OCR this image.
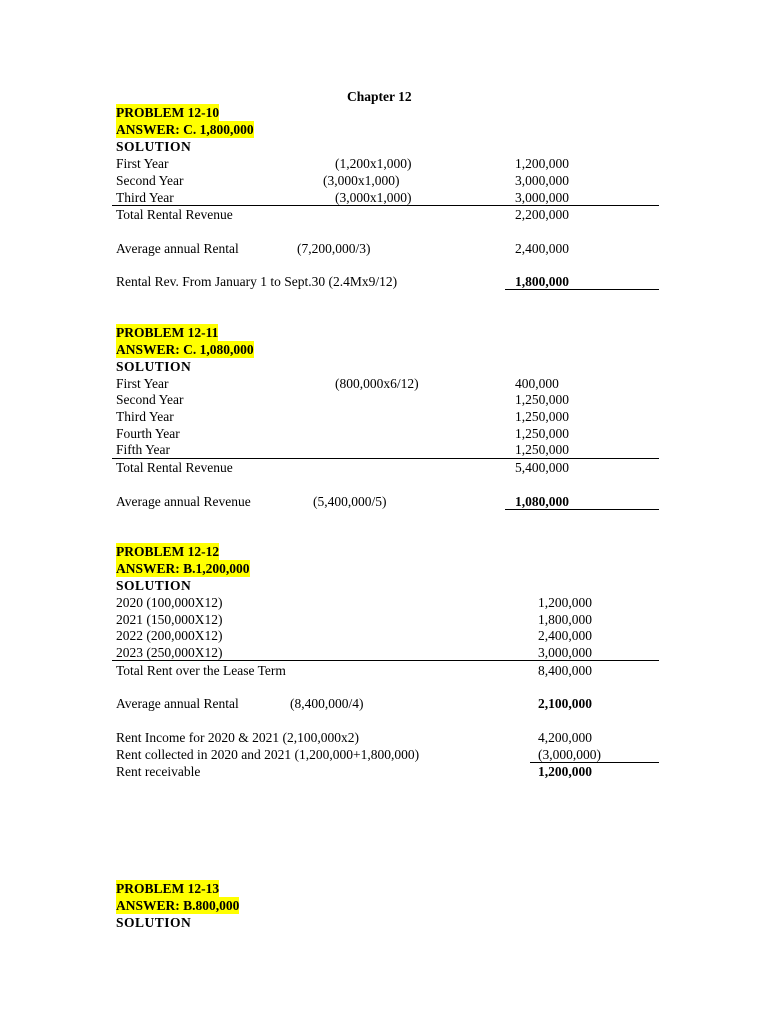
Chapter 12
PROBLEM 12-10
ANSWER: C. 1,800,000
SOLUTION
First Year	(1,200x1,000)	1,200,000
Second Year	(3,000x1,000)	3,000,000
Third Year	(3,000x1,000)	3,000,000
Total Rental Revenue	2,200,000
Average annual Rental	(7,200,000/3)	2,400,000
Rental Rev. From January 1 to Sept.30 (2.4Mx9/12)	1,800,000
PROBLEM 12-11
ANSWER: C. 1,080,000
SOLUTION
First Year	(800,000x6/12)	400,000
Second Year	1,250,000
Third Year	1,250,000
Fourth Year	1,250,000
Fifth Year	1,250,000
Total Rental Revenue	5,400,000
Average annual Revenue	(5,400,000/5)	1,080,000
PROBLEM 12-12
ANSWER: B.1,200,000
SOLUTION
2020 (100,000X12)	1,200,000
2021 (150,000X12)	1,800,000
2022 (200,000X12)	2,400,000
2023 (250,000X12)	3,000,000
Total Rent over the Lease Term	8,400,000
Average annual Rental	(8,400,000/4)	2,100,000
Rent Income for 2020 & 2021 (2,100,000x2)	4,200,000
Rent collected in 2020 and 2021 (1,200,000+1,800,000)	(3,000,000)
Rent receivable	1,200,000
PROBLEM 12-13
ANSWER: B.800,000
SOLUTION
